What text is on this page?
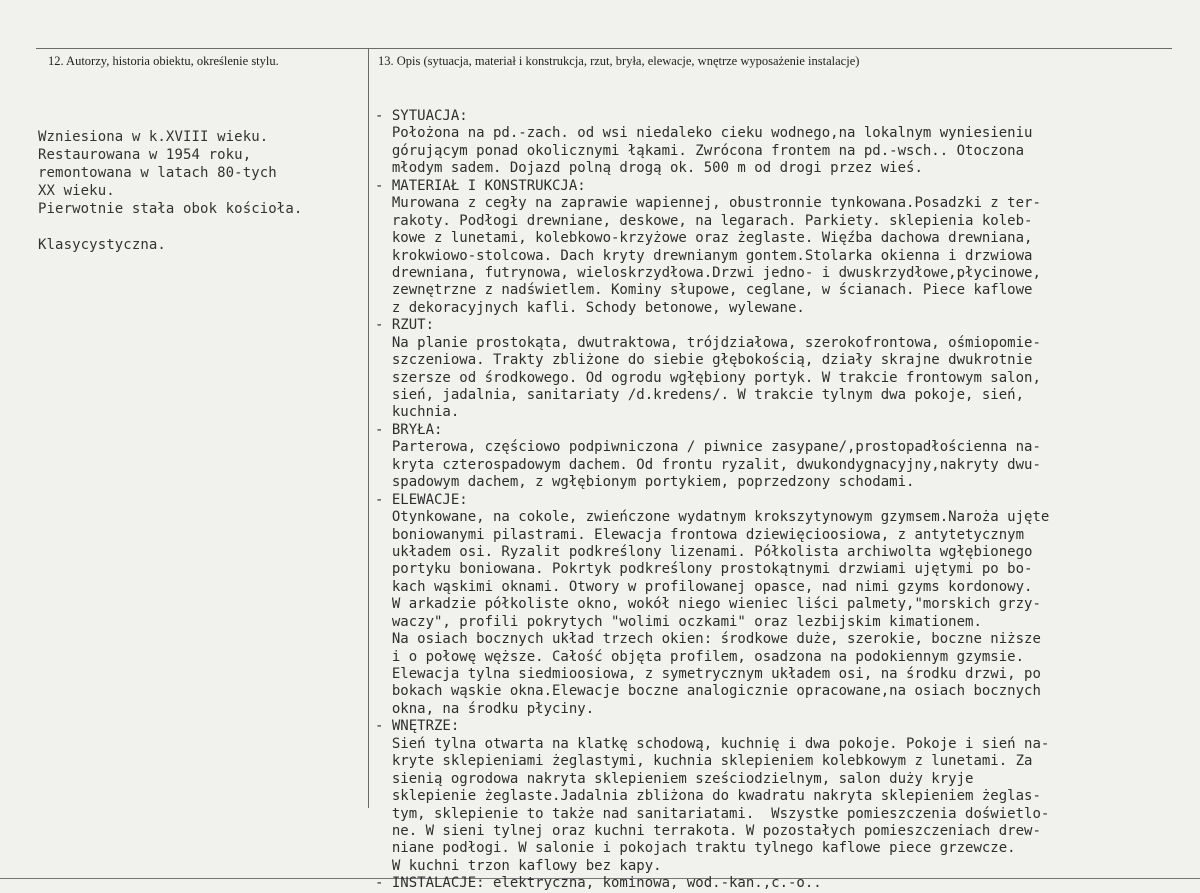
12. Autorzy, historia obiektu, określenie stylu.	13. Opis (sytuacja, materiał i konstrukcja, rzut, bryła, elewacje, wnętrze wyposażenie instalacje)
Wzniesiona w k.XVIII wieku.
Restaurowana w 1954 roku,
remontowana w latach 80-tych
XX wieku.
Pierwotnie stała obok kościoła.
Klasycystyczna.
- SYTUACJA:
Położona na pd.-zach. od wsi niedaleko cieku wodnego,na lokalnym wyniesieniu
górującym ponad okolicznymi łąkami. Zwrócona frontem na pd.-wsch.. Otoczona
młodym sadem. Dojazd polną drogą ok. 500 m od drogi przez wieś.
- MATERIAŁ I KONSTRUKCJA:
Murowana z cegły na zaprawie wapiennej, obustronnie tynkowana.Posadzki z ter-
rakoty. Podłogi drewniane, deskowe, na legarach. Parkiety. sklepienia koleb-
kowe z lunetami, kolebkowo-krzyżowe oraz żeglaste. Więźba dachowa drewniana,
krokwiowo-stolcowa. Dach kryty drewnianym gontem.Stolarka okienna i drzwiowa
drewniana, futrynowa, wieloskrzydłowa.Drzwi jedno- i dwuskrzydłowe,płycinowe,
zewnętrzne z nadświetlem. Kominy słupowe, ceglane, w ścianach. Piece kaflowe
z dekoracyjnych kafli. Schody betonowe, wylewane.
- RZUT:
Na planie prostokąta, dwutraktowa, trójdziałowa, szerokofrontowa, ośmiopomie-
szczeniowa. Trakty zbliżone do siebie głębokością, działy skrajne dwukrotnie
szersze od środkowego. Od ogrodu wgłębiony portyk. W trakcie frontowym salon,
sień, jadalnia, sanitariaty /d.kredens/. W trakcie tylnym dwa pokoje, sień,
kuchnia.
- BRYŁA:
Parterowa, częściowo podpiwniczona / piwnice zasypane/,prostopadłościenna na-
kryta czterospadowym dachem. Od frontu ryzalit, dwukondygnacyjny,nakryty dwu-
spadowym dachem, z wgłębionym portykiem, poprzedzony schodami.
- ELEWACJE:
Otynkowane, na cokole, zwieńczone wydatnym krokszytynowym gzymsem.Naroża ujęte
boniowanymi pilastrami. Elewacja frontowa dziewięcioosiowa, z antytetycznym
układem osi. Ryzalit podkreślony lizenami. Półkolista archiwolta wgłębionego
portyku boniowana. Pokrtyk podkreślony prostokątnymi drzwiami ujętymi po bo-
kach wąskimi oknami. Otwory w profilowanej opasce, nad nimi gzyms kordonowy.
W arkadzie półkoliste okno, wokół niego wieniec liści palmety,"morskich grzy-
waczy", profili pokrytych "wolimi oczkami" oraz lezbijskim kimationem.
Na osiach bocznych układ trzech okien: środkowe duże, szerokie, boczne niższe
i o połowę węższe. Całość objęta profilem, osadzona na podokiennym gzymsie.
Elewacja tylna siedmioosiowa, z symetrycznym układem osi, na środku drzwi, po
bokach wąskie okna.Elewacje boczne analogicznie opracowane,na osiach bocznych
okna, na środku płyciny.
- WNĘTRZE:
Sień tylna otwarta na klatkę schodową, kuchnię i dwa pokoje. Pokoje i sień na-
kryte sklepieniami żeglastymi, kuchnia sklepieniem kolebkowym z lunetami. Za
sienią ogrodowa nakryta sklepieniem sześciodzielnym, salon duży kryje
sklepienie żeglaste.Jadalnia zbliżona do kwadratu nakryta sklepieniem żeglas-
tym, sklepienie to także nad sanitariatami.  Wszystke pomieszczenia doświetlo-
ne. W sieni tylnej oraz kuchni terrakota. W pozostałych pomieszczeniach drew-
niane podłogi. W salonie i pokojach traktu tylnego kaflowe piece grzewcze.
W kuchni trzon kaflowy bez kapy.
- INSTALACJE: elektryczna, kominowa, wod.-kan.,c.-o..
